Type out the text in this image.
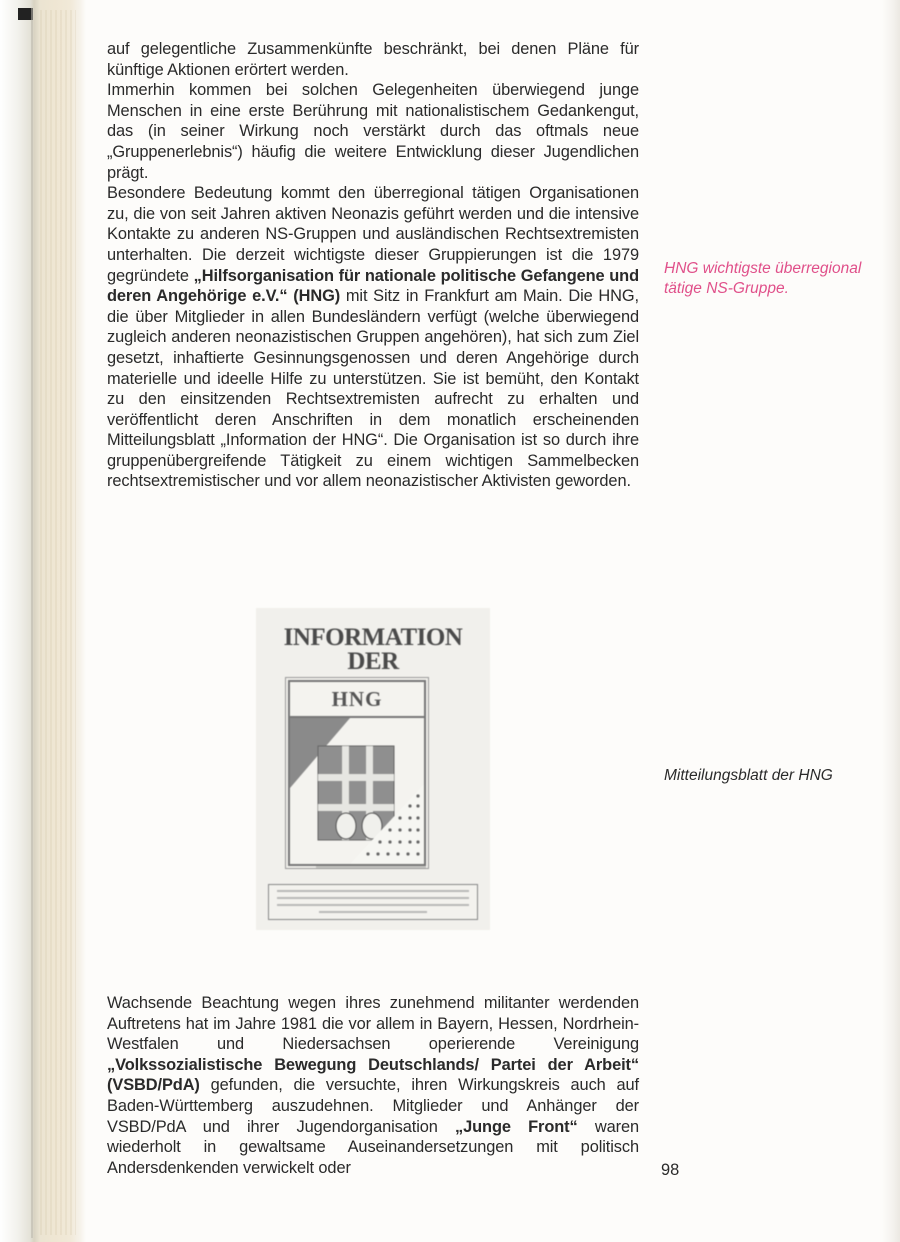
auf gelegentliche Zusammenkünfte beschränkt, bei denen Pläne für künftige Aktionen erörtert werden.

Immerhin kommen bei solchen Gelegenheiten überwiegend junge Menschen in eine erste Berührung mit nationalistischem Gedankengut, das (in seiner Wirkung noch verstärkt durch das oftmals neue „Gruppenerlebnis“) häufig die weitere Entwicklung dieser Jugendlichen prägt.

Besondere Bedeutung kommt den überregional tätigen Organisationen zu, die von seit Jahren aktiven Neonazis geführt werden und die intensive Kontakte zu anderen NS-Gruppen und ausländischen Rechtsextremisten unterhalten. Die derzeit wichtigste dieser Gruppierungen ist die 1979 gegründete „Hilfsorganisation für nationale politische Gefangene und deren Angehörige e.V.“ (HNG) mit Sitz in Frankfurt am Main. Die HNG, die über Mitglieder in allen Bundesländern verfügt (welche überwiegend zugleich anderen neonazistischen Gruppen angehören), hat sich zum Ziel gesetzt, inhaftierte Gesinnungsgenossen und deren Angehörige durch materielle und ideelle Hilfe zu unterstützen. Sie ist bemüht, den Kontakt zu den einsitzenden Rechtsextremisten aufrecht zu erhalten und veröffentlicht deren Anschriften in dem monatlich erscheinenden Mitteilungsblatt „Information der HNG“. Die Organisation ist so durch ihre gruppenübergreifende Tätigkeit zu einem wichtigen Sammelbecken rechtsextremistischer und vor allem neonazistischer Aktivisten geworden.

HNG wichtigste überregional tätige NS-Gruppe.
INFORMATION
DER
HNG
Mitteilungsblatt der HNG

Wachsende Beachtung wegen ihres zunehmend militanter werdenden Auftretens hat im Jahre 1981 die vor allem in Bayern, Hessen, Nordrhein-Westfalen und Niedersachsen operierende Vereinigung „Volkssozialistische Bewegung Deutschlands/ Partei der Arbeit“ (VSBD/PdA) gefunden, die versuchte, ihren Wirkungskreis auch auf Baden-Württemberg auszudehnen. Mitglieder und Anhänger der VSBD/PdA und ihrer Jugendorganisation „Junge Front“ waren wiederholt in gewaltsame Auseinandersetzungen mit politisch Andersdenkenden verwickelt oder	98
